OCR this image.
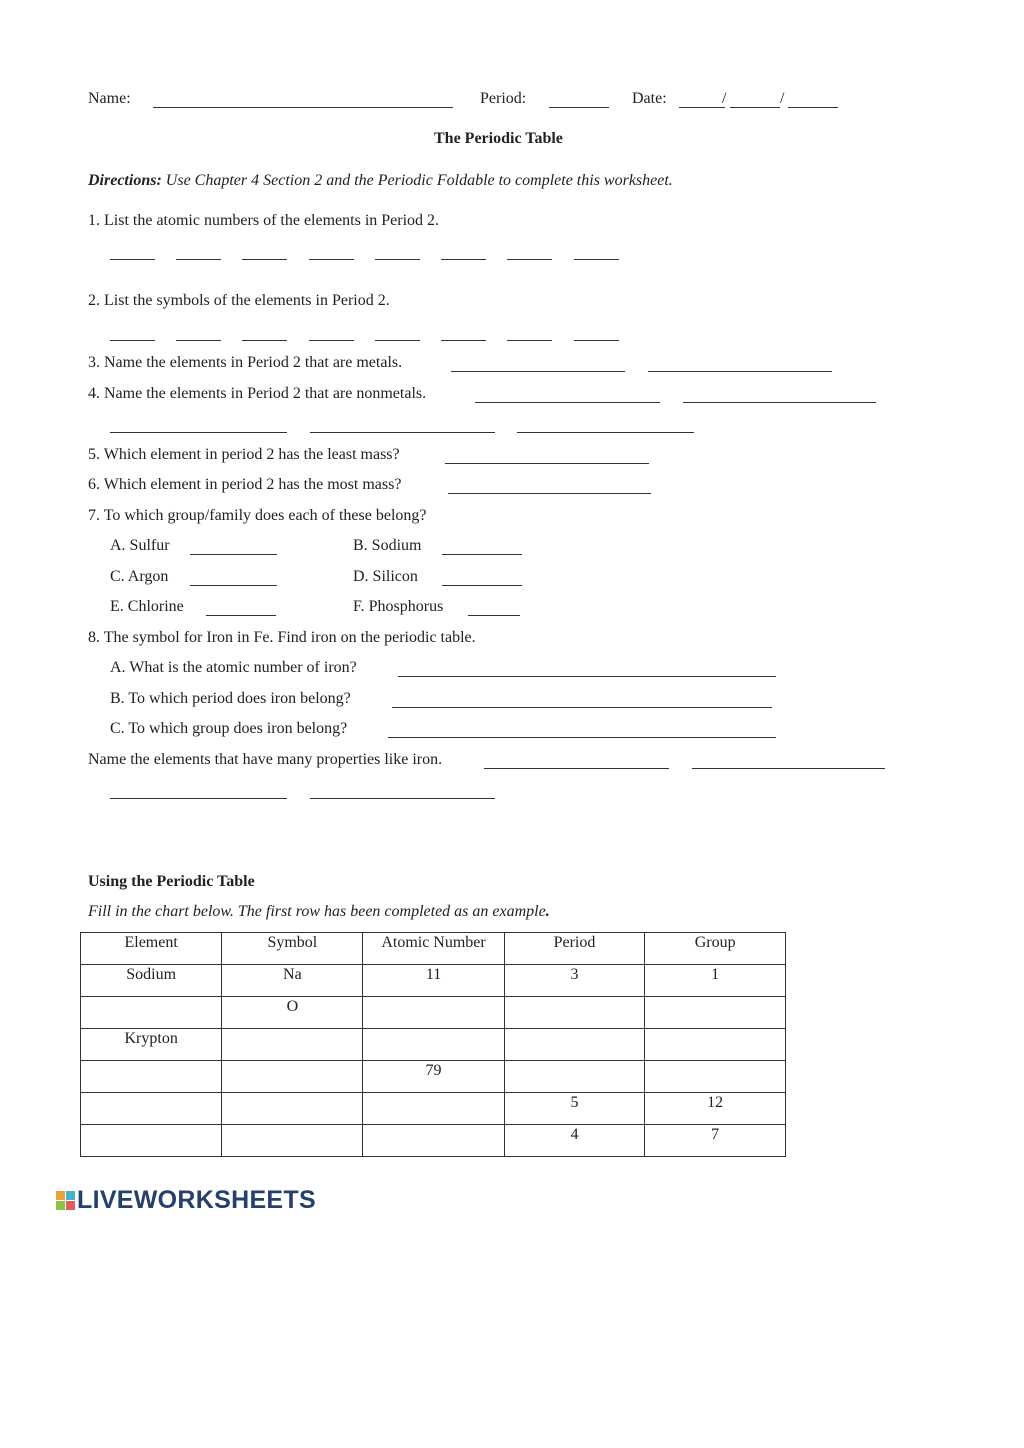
Name:	Period:	Date:	/	/
The Periodic Table
Directions: Use Chapter 4 Section 2 and the Periodic Foldable to complete this worksheet.
1. List the atomic numbers of the elements in Period 2.
2. List the symbols of the elements in Period 2.
3. Name the elements in Period 2 that are metals.
4. Name the elements in Period 2 that are nonmetals.
5. Which element in period 2 has the least mass?
6. Which element in period 2 has the most mass?
7. To which group/family does each of these belong?
A. Sulfur	B. Sodium
C. Argon	D. Silicon
E. Chlorine	F. Phosphorus
8. The symbol for Iron in Fe. Find iron on the periodic table.
A. What is the atomic number of iron?
B. To which period does iron belong?
C. To which group does iron belong?
Name the elements that have many properties like iron.
Using the Periodic Table
Fill in the chart below. The first row has been completed as an example.
Element	Symbol	Atomic Number	Period	Group
Sodium	Na	11	3	1
	O			
Krypton				
		79		
			5	12
			4	7
LIVEWORKSHEETS
